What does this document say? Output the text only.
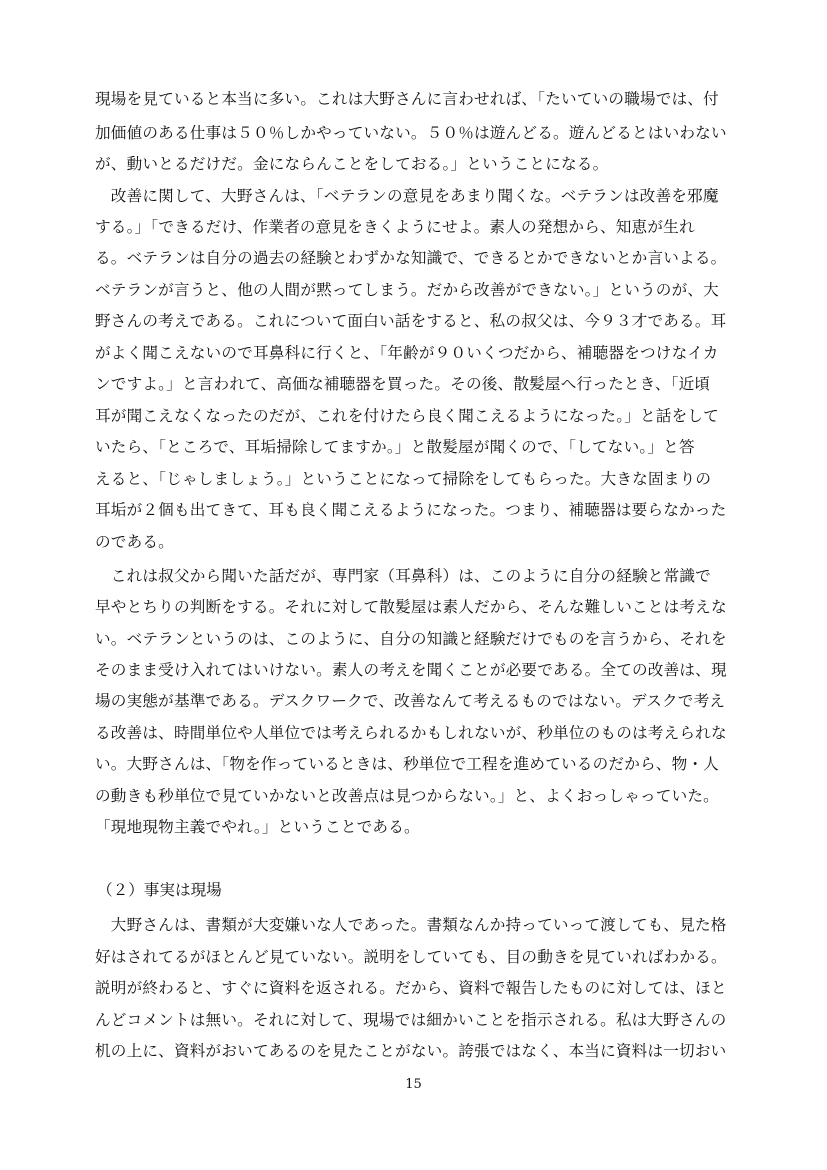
現場を見ていると本当に多い。これは大野さんに言わせれば、「たいていの職場では、付
加価値のある仕事は５０％しかやっていない。５０％は遊んどる。遊んどるとはいわない
が、動いとるだけだ。金にならんことをしておる。」ということになる。
　改善に関して、大野さんは、「ベテランの意見をあまり聞くな。ベテランは改善を邪魔
する。」「できるだけ、作業者の意見をきくようにせよ。素人の発想から、知恵が生れ
る。ベテランは自分の過去の経験とわずかな知識で、できるとかできないとか言いよる。
ベテランが言うと、他の人間が黙ってしまう。だから改善ができない。」というのが、大
野さんの考えである。これについて面白い話をすると、私の叔父は、今９３才である。耳
がよく聞こえないので耳鼻科に行くと、「年齢が９０いくつだから、補聴器をつけなイカ
ンですよ。」と言われて、高価な補聴器を買った。その後、散髪屋へ行ったとき、「近頃
耳が聞こえなくなったのだが、これを付けたら良く聞こえるようになった。」と話をして
いたら、「ところで、耳垢掃除してますか。」と散髪屋が聞くので、「してない。」と答
えると、「じゃしましょう。」ということになって掃除をしてもらった。大きな固まりの
耳垢が２個も出てきて、耳も良く聞こえるようになった。つまり、補聴器は要らなかった
のである。
　これは叔父から聞いた話だが、専門家（耳鼻科）は、このように自分の経験と常識で
早やとちりの判断をする。それに対して散髪屋は素人だから、そんな難しいことは考えな
い。ベテランというのは、このように、自分の知識と経験だけでものを言うから、それを
そのまま受け入れてはいけない。素人の考えを聞くことが必要である。全ての改善は、現
場の実態が基準である。デスクワークで、改善なんて考えるものではない。デスクで考え
る改善は、時間単位や人単位では考えられるかもしれないが、秒単位のものは考えられな
い。大野さんは、「物を作っているときは、秒単位で工程を進めているのだから、物・人
の動きも秒単位で見ていかないと改善点は見つからない。」と、よくおっしゃっていた。
「現地現物主義でやれ。」ということである。
（２）事実は現場
　大野さんは、書類が大変嫌いな人であった。書類なんか持っていって渡しても、見た格
好はされてるがほとんど見ていない。説明をしていても、目の動きを見ていればわかる。
説明が終わると、すぐに資料を返される。だから、資料で報告したものに対しては、ほと
んどコメントは無い。それに対して、現場では細かいことを指示される。私は大野さんの
机の上に、資料がおいてあるのを見たことがない。誇張ではなく、本当に資料は一切おい
15
